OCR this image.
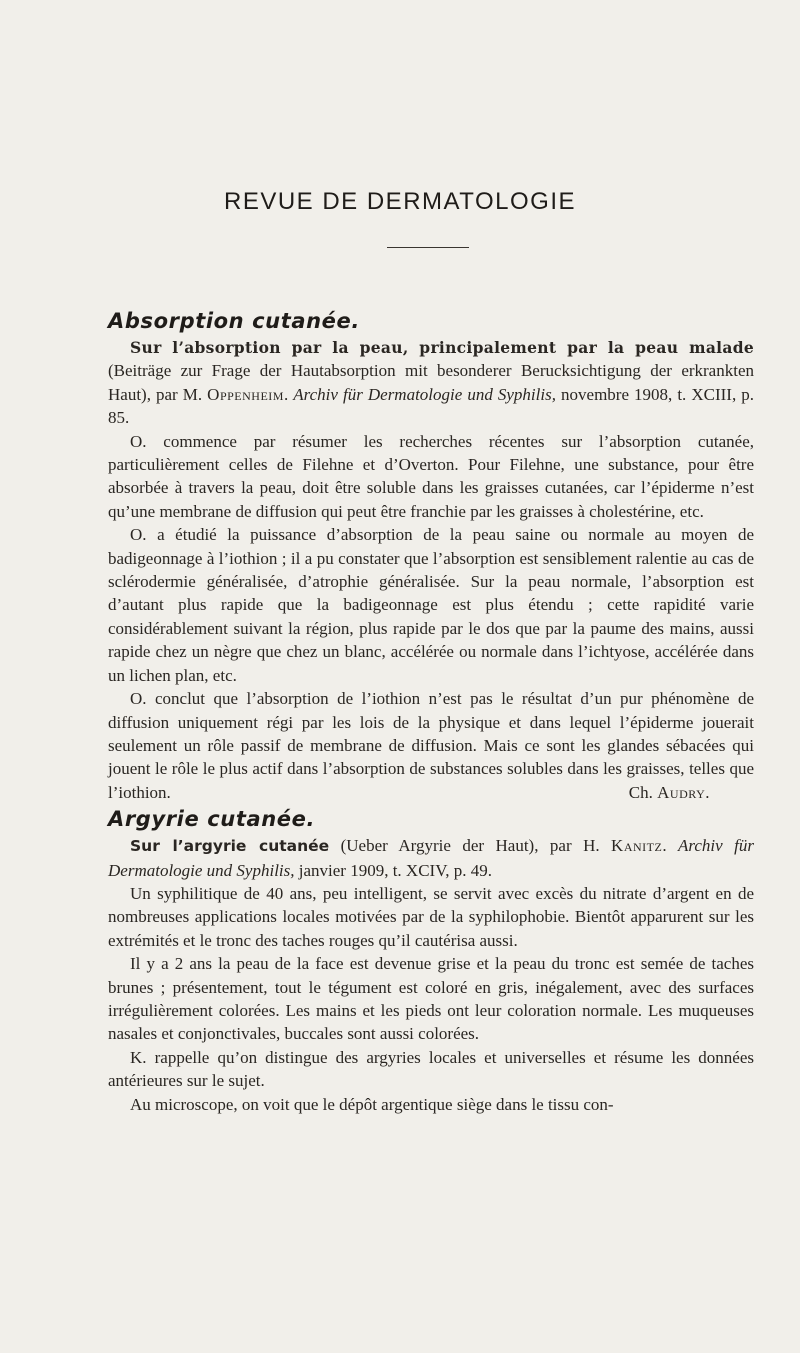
REVUE DE DERMATOLOGIE
Absorption cutanée.

Sur l’absorption par la peau, principalement par la peau malade (Beiträge zur Frage der Hautabsorption mit besonderer Berucksichtigung der erkrankten Haut), par M. Oppenheim. Archiv für Dermatologie und Syphilis, novembre 1908, t. XCIII, p. 85.

O. commence par résumer les recherches récentes sur l’absorption cutanée, particulièrement celles de Filehne et d’Overton. Pour Filehne, une substance, pour être absorbée à travers la peau, doit être soluble dans les graisses cutanées, car l’épiderme n’est qu’une membrane de diffusion qui peut être franchie par les graisses à cholestérine, etc.

O. a étudié la puissance d’absorption de la peau saine ou normale au moyen de badigeonnage à l’iothion ; il a pu constater que l’absorption est sensiblement ralentie au cas de sclérodermie généralisée, d’atrophie généralisée. Sur la peau normale, l’absorption est d’autant plus rapide que la badigeonnage est plus étendu ; cette rapidité varie considérablement suivant la région, plus rapide par le dos que par la paume des mains, aussi rapide chez un nègre que chez un blanc, accélérée ou normale dans l’ichtyose, accélérée dans un lichen plan, etc.

O. conclut que l’absorption de l’iothion n’est pas le résultat d’un pur phénomène de diffusion uniquement régi par les lois de la physique et dans lequel l’épiderme jouerait seulement un rôle passif de membrane de diffusion. Mais ce sont les glandes sébacées qui jouent le rôle le plus actif dans l’absorption de substances solubles dans les graisses, telles que l’iothion.	Ch. Audry.
Argyrie cutanée.

Sur l’argyrie cutanée (Ueber Argyrie der Haut), par H. Kanitz. Archiv für Dermatologie und Syphilis, janvier 1909, t. XCIV, p. 49.

Un syphilitique de 40 ans, peu intelligent, se servit avec excès du nitrate d’argent en de nombreuses applications locales motivées par de la syphilophobie. Bientôt apparurent sur les extrémités et le tronc des taches rouges qu’il cautérisa aussi.

Il y a 2 ans la peau de la face est devenue grise et la peau du tronc est semée de taches brunes ; présentement, tout le tégument est coloré en gris, inégalement, avec des surfaces irrégulièrement colorées. Les mains et les pieds ont leur coloration normale. Les muqueuses nasales et conjonctivales, buccales sont aussi colorées.

K. rappelle qu’on distingue des argyries locales et universelles et résume les données antérieures sur le sujet.

Au microscope, on voit que le dépôt argentique siège dans le tissu con-
